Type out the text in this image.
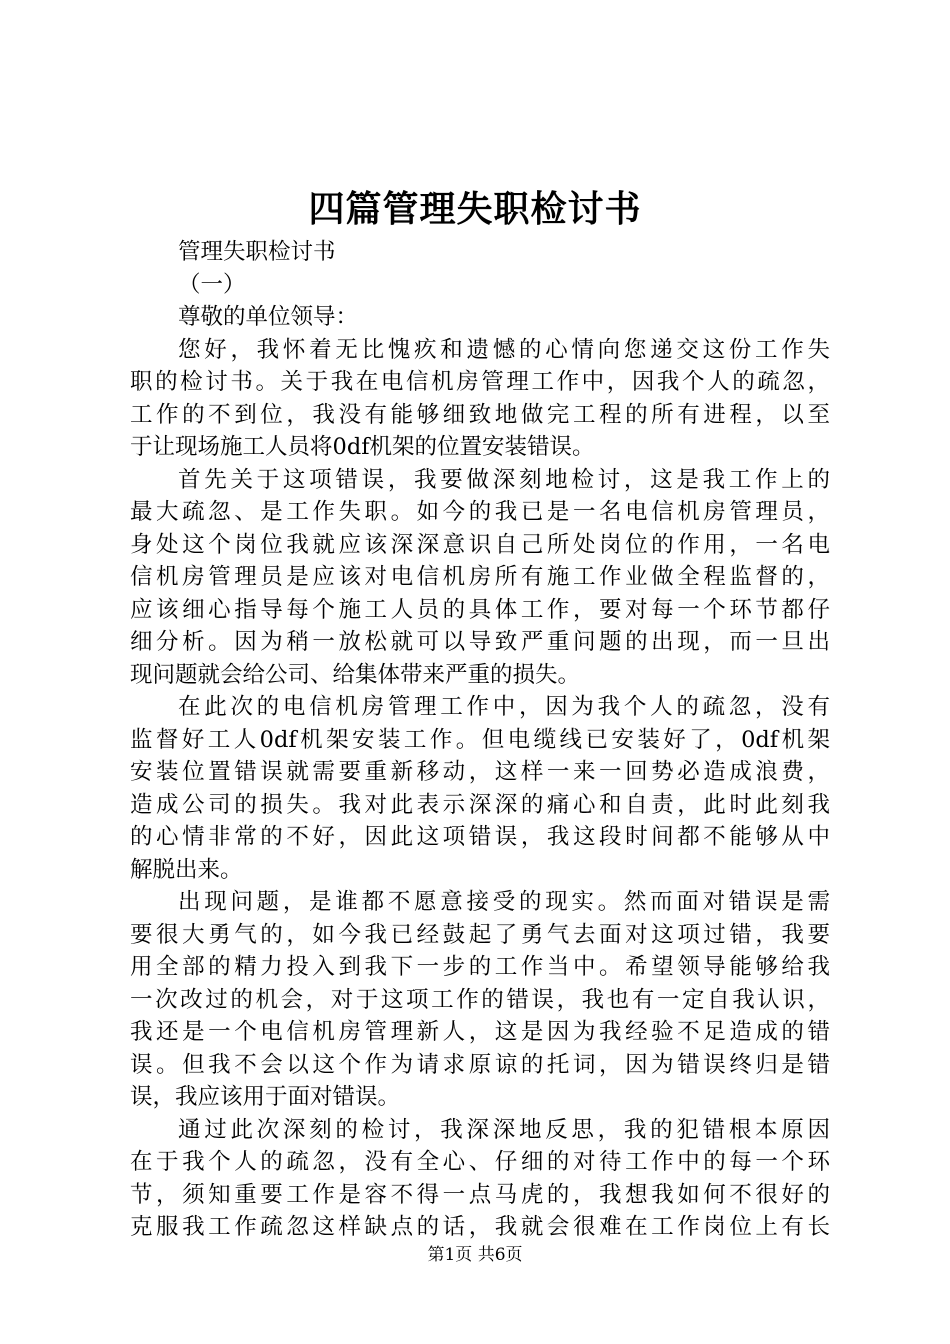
四篇管理失职检讨书
管理失职检讨书
（一）
尊敬的单位领导：
您好，我怀着无比愧疚和遗憾的心情向您递交这份工作失
职的检讨书。关于我在电信机房管理工作中，因我个人的疏忽，
工作的不到位，我没有能够细致地做完工程的所有进程，以至
于让现场施工人员将0df机架的位置安装错误。
首先关于这项错误，我要做深刻地检讨，这是我工作上的
最大疏忽、是工作失职。如今的我已是一名电信机房管理员，
身处这个岗位我就应该深深意识自己所处岗位的作用，一名电
信机房管理员是应该对电信机房所有施工作业做全程监督的，
应该细心指导每个施工人员的具体工作，要对每一个环节都仔
细分析。因为稍一放松就可以导致严重问题的出现，而一旦出
现问题就会给公司、给集体带来严重的损失。
在此次的电信机房管理工作中，因为我个人的疏忽，没有
监督好工人0df机架安装工作。但电缆线已安装好了，0df机架
安装位置错误就需要重新移动，这样一来一回势必造成浪费，
造成公司的损失。我对此表示深深的痛心和自责，此时此刻我
的心情非常的不好，因此这项错误，我这段时间都不能够从中
解脱出来。
出现问题，是谁都不愿意接受的现实。然而面对错误是需
要很大勇气的，如今我已经鼓起了勇气去面对这项过错，我要
用全部的精力投入到我下一步的工作当中。希望领导能够给我
一次改过的机会，对于这项工作的错误，我也有一定自我认识，
我还是一个电信机房管理新人，这是因为我经验不足造成的错
误。但我不会以这个作为请求原谅的托词，因为错误终归是错
误，我应该用于面对错误。
通过此次深刻的检讨，我深深地反思，我的犯错根本原因
在于我个人的疏忽，没有全心、仔细的对待工作中的每一个环
节，须知重要工作是容不得一点马虎的，我想我如何不很好的
克服我工作疏忽这样缺点的话，我就会很难在工作岗位上有长
第1页 共6页
